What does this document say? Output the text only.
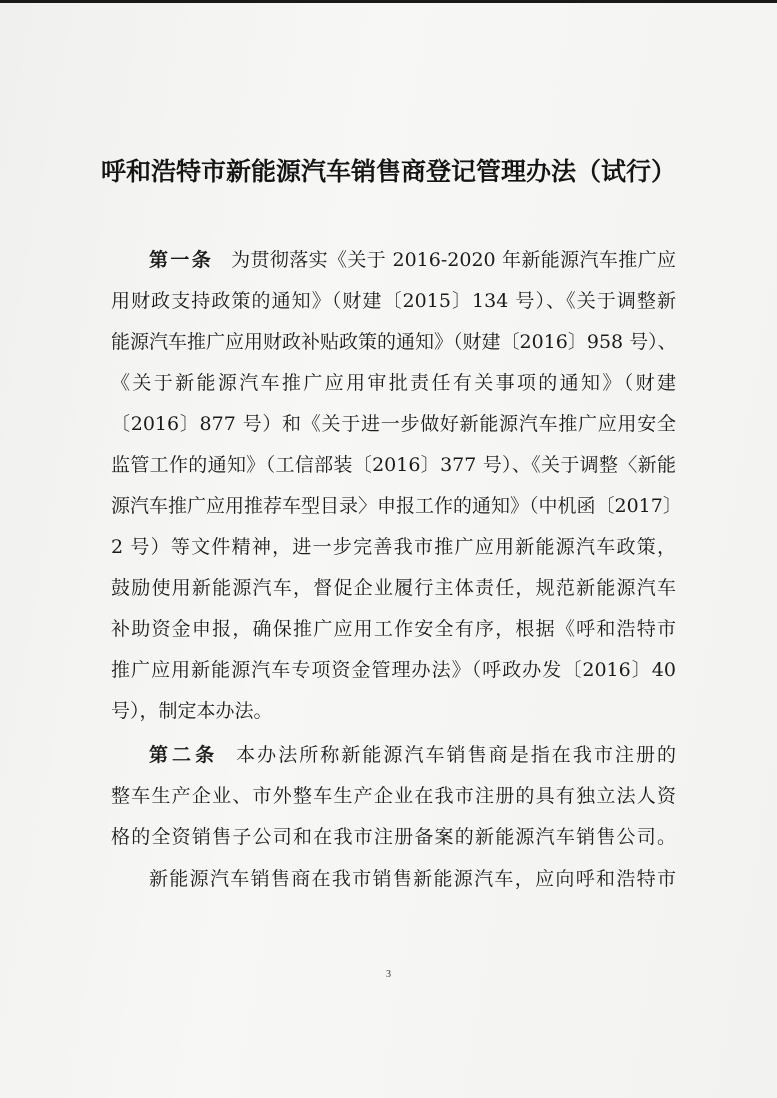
呼和浩特市新能源汽车销售商登记管理办法（试行）
第一条 为贯彻落实《关于 2016-2020 年新能源汽车推广应
用财政支持政策的通知》（财建〔2015〕134 号）、《关于调整新
能源汽车推广应用财政补贴政策的通知》（财建〔2016〕958 号）、
《关于新能源汽车推广应用审批责任有关事项的通知》（财建
〔2016〕877 号）和《关于进一步做好新能源汽车推广应用安全
监管工作的通知》（工信部装〔2016〕377 号）、《关于调整〈新能
源汽车推广应用推荐车型目录〉申报工作的通知》（中机函〔2017〕
2 号）等文件精神，进一步完善我市推广应用新能源汽车政策，
鼓励使用新能源汽车，督促企业履行主体责任，规范新能源汽车
补助资金申报，确保推广应用工作安全有序，根据《呼和浩特市
推广应用新能源汽车专项资金管理办法》（呼政办发〔2016〕40
号），制定本办法。
第二条 本办法所称新能源汽车销售商是指在我市注册的
整车生产企业、市外整车生产企业在我市注册的具有独立法人资
格的全资销售子公司和在我市注册备案的新能源汽车销售公司。
新能源汽车销售商在我市销售新能源汽车，应向呼和浩特市
3
